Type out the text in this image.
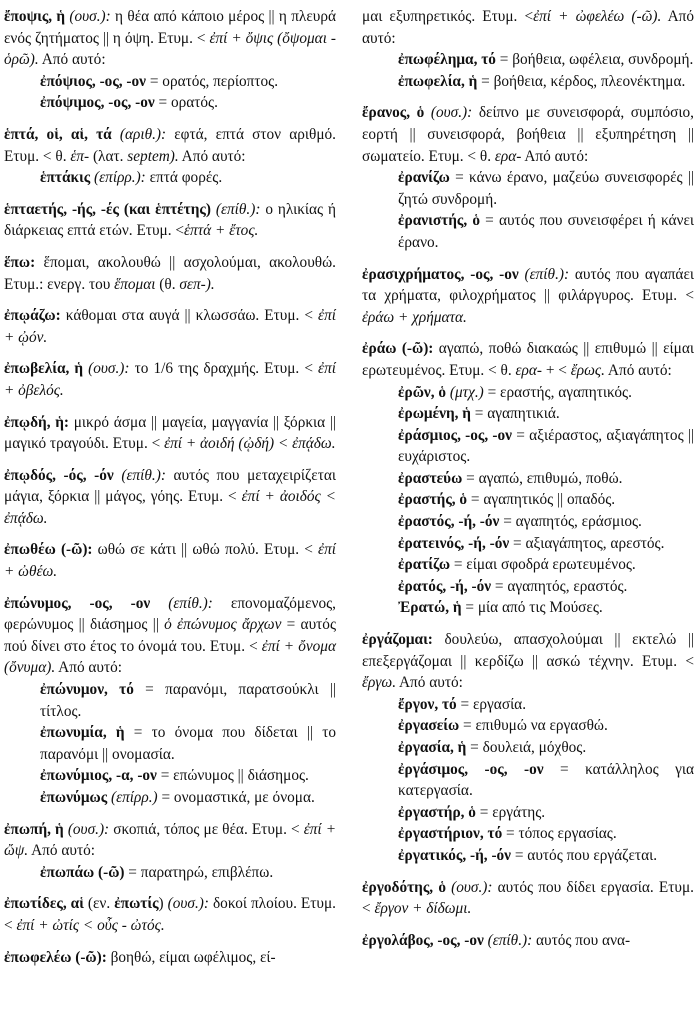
ἔποψις, ἡ (ουσ.): η θέα από κάποιο μέρος || η πλευρά ενός ζητήματος || η όψη. Ετυμ. < ἐπί + ὄψις (ὄψομαι - ὁρῶ). Από αυτό:

ἐπόψιος, -ος, -ον = ορατός, περίοπτος.

ἐπόψιμος, -ος, -ον = ορατός.

ἑπτά, οἱ, αἱ, τά (αριθ.): εφτά, επτά στον αριθμό. Ετυμ. < θ. ἑπ- (λατ. septem). Από αυτό:

ἑπτάκις (επίρρ.): επτά φορές.

ἑπταετής, -ής, -ές (και ἑπτέτης) (επίθ.): ο ηλικίας ή διάρκειας επτά ετών. Ετυμ. <ἑπτά + ἔτος.

ἕπω: ἕπομαι, ακολουθώ || ασχολούμαι, ακολουθώ. Ετυμ.: ενεργ. του ἕπομαι (θ. σεπ-).

ἐπῳάζω: κάθομαι στα αυγά || κλωσσάω. Ετυμ. < ἐπί + ᾠόν.

ἐπωβελία, ἡ (ουσ.): το 1/6 της δραχμής. Ετυμ. < ἐπί + ὀβελός.

ἐπῳδή, ἡ: μικρό άσμα || μαγεία, μαγγανία || ξόρκια || μαγικό τραγούδι. Ετυμ. < ἐπί + ἀοιδή (ᾠδή) < ἐπᾴδω.

ἐπῳδός, -ός, -όν (επίθ.): αυτός που μεταχειρίζεται μάγια, ξόρκια || μάγος, γόης. Ετυμ. < ἐπί + ἀοιδός < ἐπᾴδω.

ἐπωθέω (-ῶ): ωθώ σε κάτι || ωθώ πολύ. Ετυμ. < ἐπί + ὠθέω.

ἐπώνυμος, -ος, -ον (επίθ.): επονομαζόμενος, φερώνυμος || διάσημος || ὁ ἐπώνυμος ἄρχων = αυτός πού δίνει στο έτος το όνομά του. Ετυμ. < ἐπί + ὄνομα (ὄνυμα). Από αυτό:

ἐπώνυμον, τό = παρανόμι, παρατσούκλι || τίτλος.

ἐπωνυμία, ἡ = το όνομα που δίδεται || το παρανόμι || ονομασία.

ἐπωνύμιος, -α, -ον = επώνυμος || διάσημος.

ἐπωνύμως (επίρρ.) = ονομαστικά, με όνομα.

ἐπωπή, ἡ (ουσ.): σκοπιά, τόπος με θέα. Ετυμ. < ἐπί + ὤψ. Από αυτό:

ἐπωπάω (-ῶ) = παρατηρώ, επιβλέπω.

ἐπωτίδες, αἱ (εν. ἐπωτίς) (ουσ.): δοκοί πλοίου. Ετυμ. < ἐπί + ὠτίς < οὖς - ὠτός.

ἐπωφελέω (-ῶ): βοηθώ, είμαι ωφέλιμος, εί-

μαι εξυπηρετικός. Ετυμ. <ἐπί + ὠφελέω (-ῶ). Από αυτό:

ἐπωφέλημα, τό = βοήθεια, ωφέλεια, συνδρομή.

ἐπωφελία, ἡ = βοήθεια, κέρδος, πλεονέκτημα.

ἔρανος, ὁ (ουσ.): δείπνο με συνεισφορά, συμπόσιο, εορτή || συνεισφορά, βοήθεια || εξυπηρέτηση || σωματείο. Ετυμ. < θ. ερα- Από αυτό:

ἐρανίζω = κάνω έρανο, μαζεύω συνεισφορές || ζητώ συνδρομή.

ἐρανιστής, ὁ = αυτός που συνεισφέρει ή κάνει έρανο.

ἐρασιχρήματος, -ος, -ον (επίθ.): αυτός που αγαπάει τα χρήματα, φιλοχρήματος || φιλάργυρος. Ετυμ. < ἐράω + χρήματα.

ἐράω (-ῶ): αγαπώ, ποθώ διακαώς || επιθυμώ || είμαι ερωτευμένος. Ετυμ. < θ. ερα- + < ἔρως. Από αυτό:

ἐρῶν, ὁ (μτχ.) = εραστής, αγαπητικός.

ἐρωμένη, ἡ = αγαπητικιά.

ἐράσμιος, -ος, -ον = αξιέραστος, αξιαγάπητος || ευχάριστος.

ἐραστεύω = αγαπώ, επιθυμώ, ποθώ.

ἐραστής, ὁ = αγαπητικός || οπαδός.

ἐραστός, -ή, -όν = αγαπητός, εράσμιος.

ἐρατεινός, -ή, -όν = αξιαγάπητος, αρεστός.

ἐρατίζω = είμαι σφοδρά ερωτευμένος.

ἐρατός, -ή, -όν = αγαπητός, εραστός.

Ἐρατώ, ἡ = μία από τις Μούσες.

ἐργάζομαι: δουλεύω, απασχολούμαι || εκτελώ || επεξεργάζομαι || κερδίζω || ασκώ τέχνην. Ετυμ. < ἔργω. Από αυτό:

ἔργον, τό = εργασία.

ἐργασείω = επιθυμώ να εργασθώ.

ἐργασία, ἡ = δουλειά, μόχθος.

ἐργάσιμος, -ος, -ον = κατάλληλος για κατεργασία.

ἐργαστήρ, ὁ = εργάτης.

ἐργαστήριον, τό = τόπος εργασίας.

ἐργατικός, -ή, -όν = αυτός που εργάζεται.

ἐργοδότης, ὁ (ουσ.): αυτός που δίδει εργασία. Ετυμ. < ἔργον + δίδωμι.

ἐργολάβος, -ος, -ον (επίθ.): αυτός που ανα-
